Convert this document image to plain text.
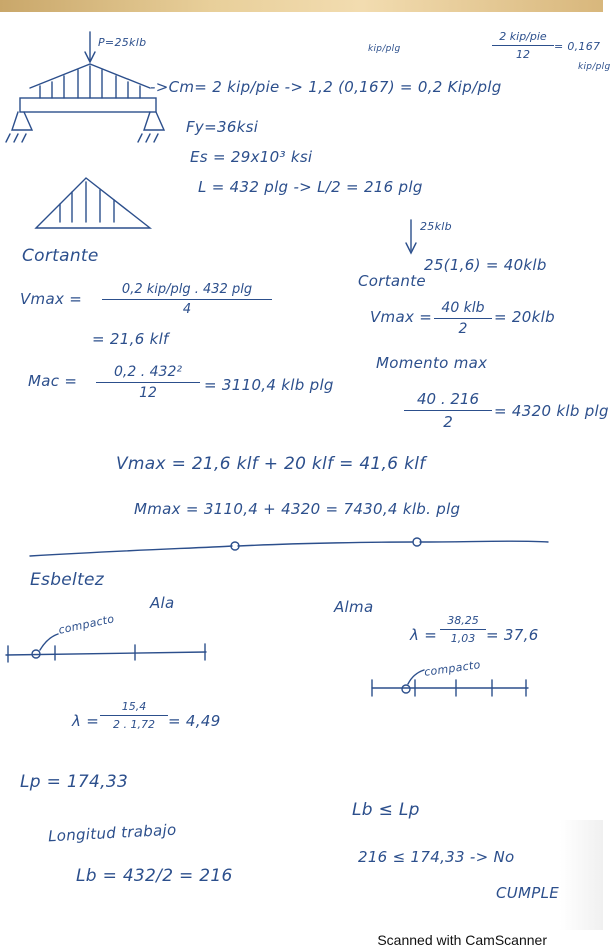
P=25klb
->Cm= 2 kip/pie -> 1,2 (0,167) = 0,2 Kip/plg
kip/plg
2 kip/pie
12
= 0,167
kip/plg
Fy=36ksi
Es = 29x10³ ksi
L = 432 plg -> L/2 = 216 plg
Cortante
Vmax =
0,2 kip/plg . 432 plg
4
= 21,6 klf
Mac = $\frac{\text{0,2 . 432²}}{12} = 3110,4$ klb plg
25klb
25(1,6) = 40klb
Cortante
Vmax = 40 klb
2
= 20klb
Momento max
$\frac{40 . 216}{2} = 4320$ klb plg
Vmax = 21,6 klf + 20 klf = 41,6 klf
Mmax = 3110,4 + 4320 = 7430,4 klb. plg
Esbeltez
Ala	Alma
compacto
compacto
$\lambda = \frac{38,25}{1,03} = 37,6$
$\lambda = \frac{15,4}{2 . 1,72} = 4,49$
Lp = 174,33
Longitud trabajo
Lb = 432/2 = 216
Lb ≤ Lp
216 ≤ 174,33 -> No
CUMPLE
Scanned with CamScanner
